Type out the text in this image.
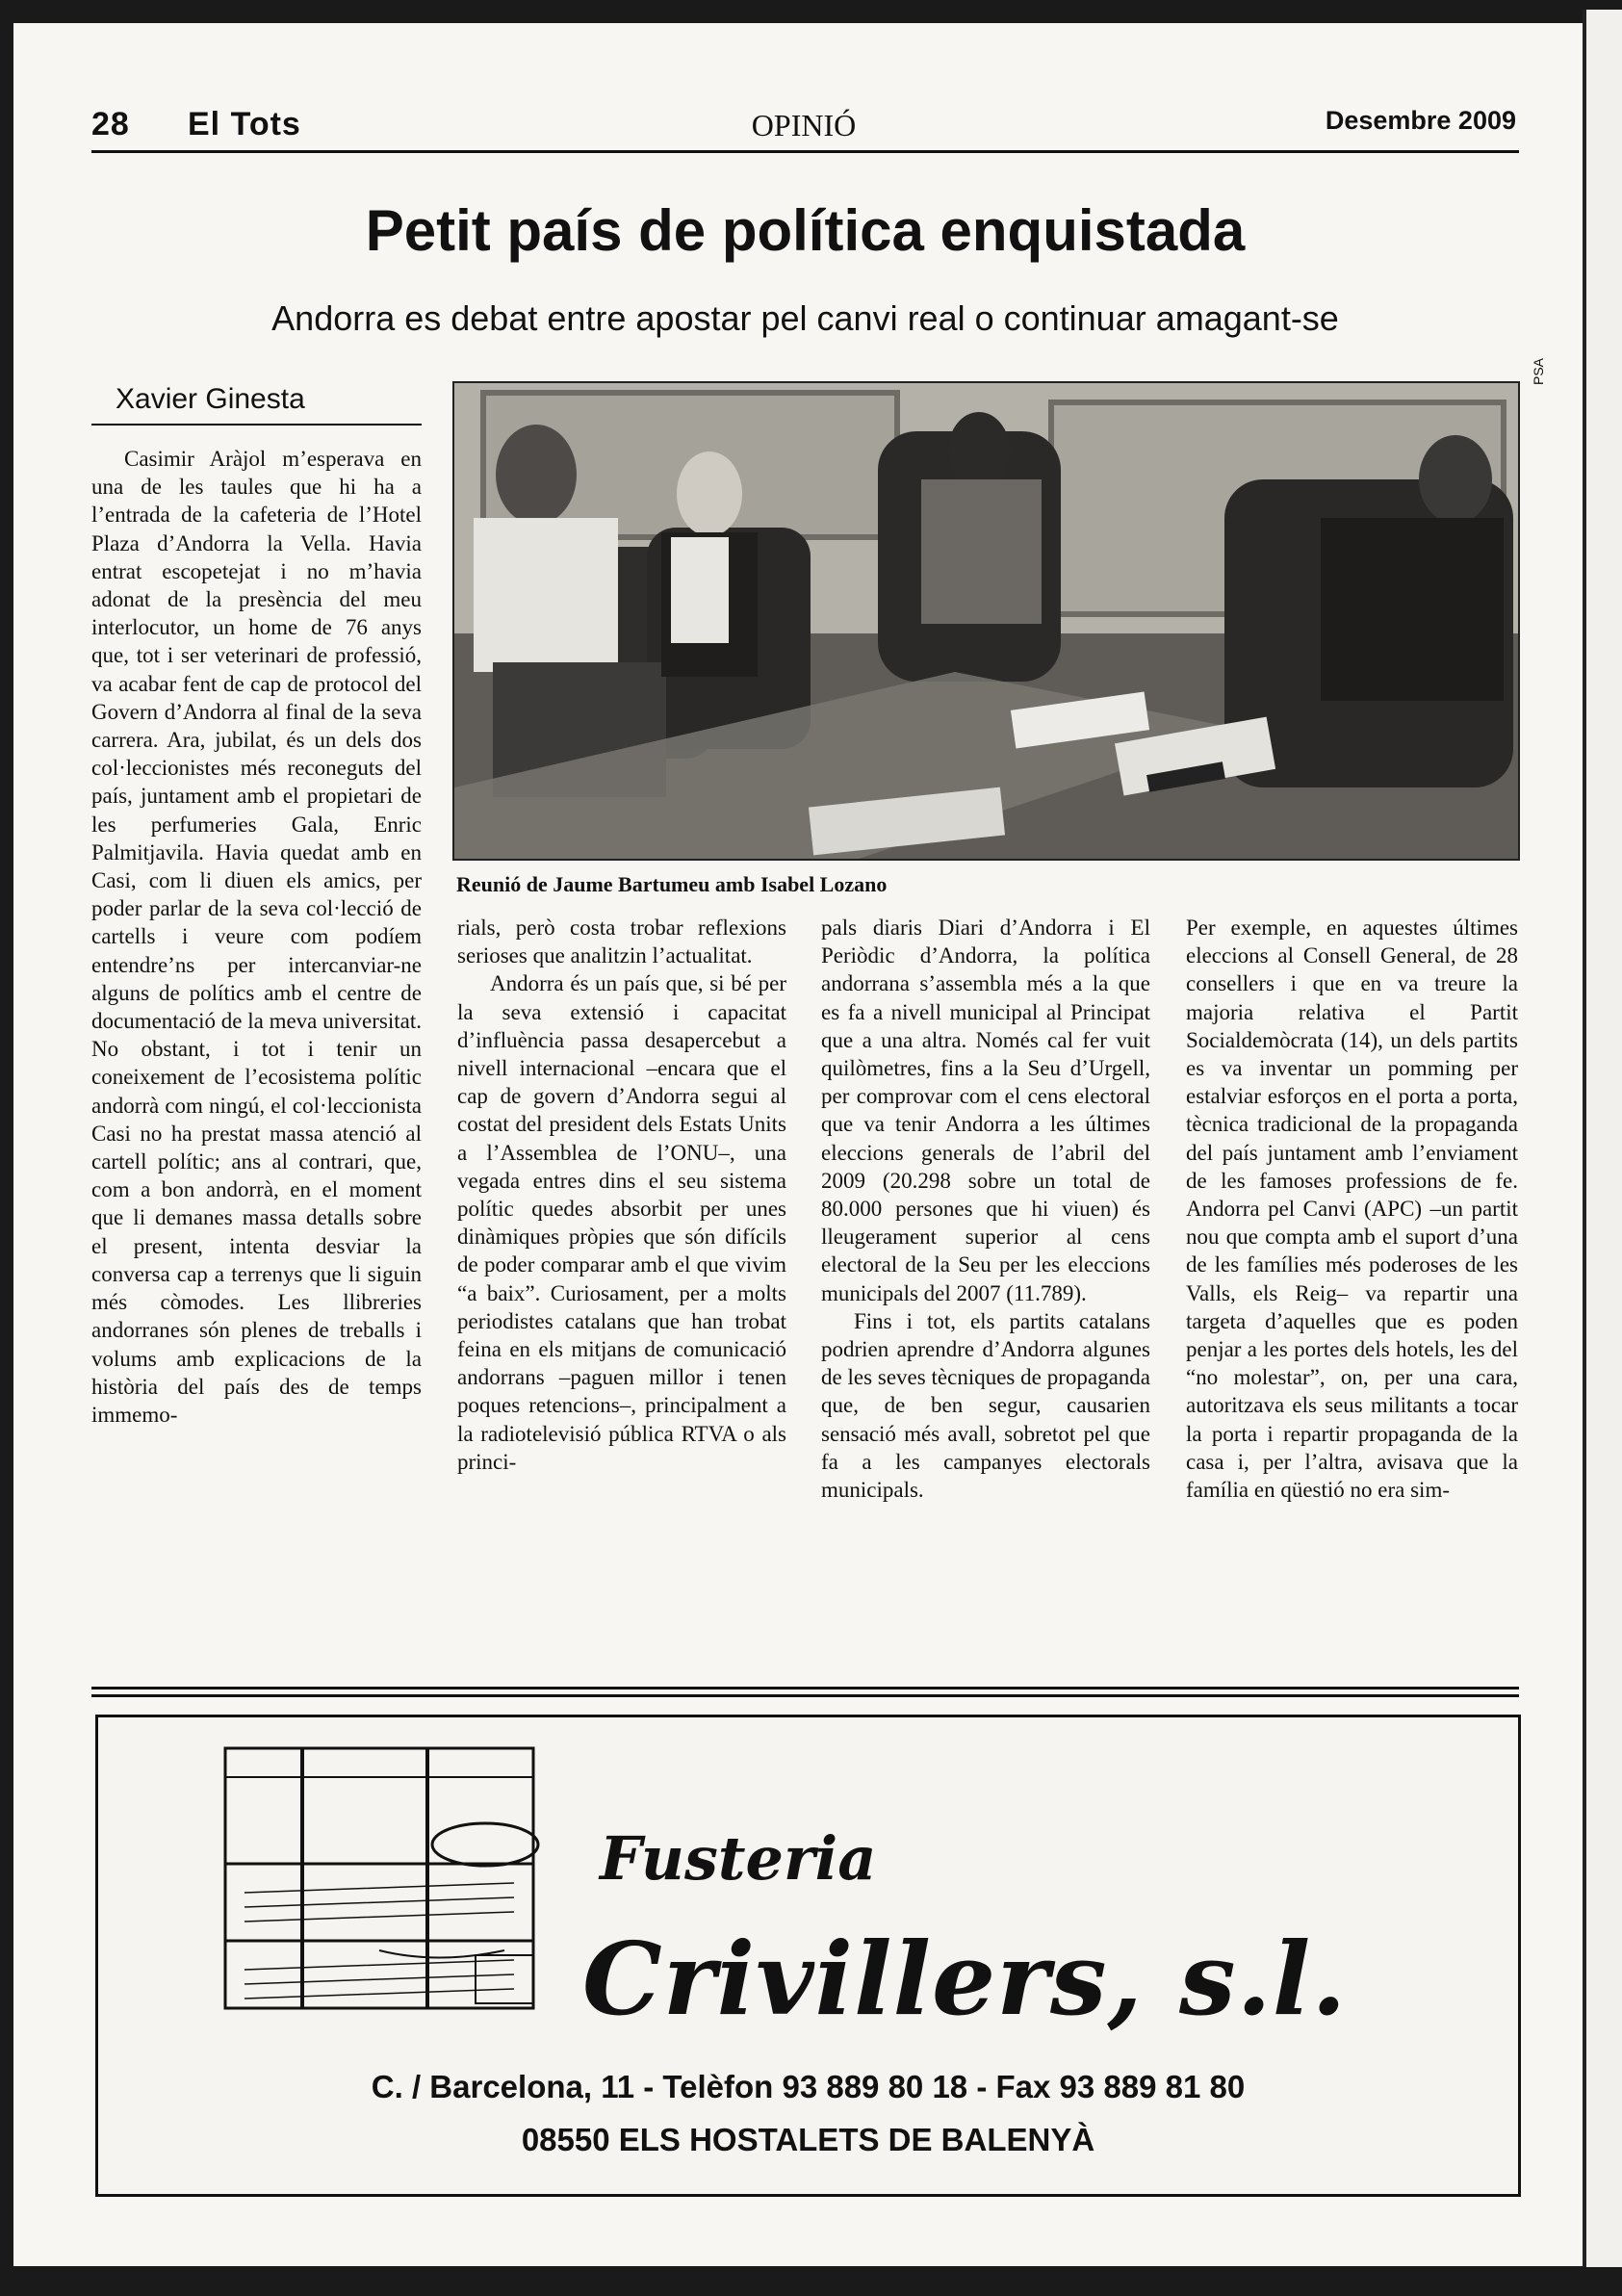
28 El Tots	OPINIÓ	Desembre 2009
Petit país de política enquistada
Andorra es debat entre apostar pel canvi real o continuar amagant-se
PSA
Xavier Ginesta
Reunió de Jaume Bartumeu amb Isabel Lozano

Casimir Aràjol m’esperava en una de les taules que hi ha a l’entrada de la cafeteria de l’Hotel Plaza d’Andorra la Vella. Havia entrat escopetejat i no m’havia adonat de la presència del meu interlocutor, un home de 76 anys que, tot i ser veterinari de professió, va acabar fent de cap de protocol del Govern d’Andorra al final de la seva carrera. Ara, jubilat, és un dels dos col·leccionistes més reconeguts del país, juntament amb el propietari de les perfumeries Gala, Enric Palmitjavila. Havia quedat amb en Casi, com li diuen els amics, per poder parlar de la seva col·lecció de cartells i veure com podíem entendre’ns per intercanviar-ne alguns de polítics amb el centre de documentació de la meva universitat. No obstant, i tot i tenir un coneixement de l’ecosistema polític andorrà com ningú, el col·leccionista Casi no ha prestat massa atenció al cartell polític; ans al contrari, que, com a bon andorrà, en el moment que li demanes massa detalls sobre el present, intenta desviar la conversa cap a terrenys que li siguin més còmodes. Les llibreries andorranes són plenes de treballs i volums amb explicacions de la història del país des de temps immemo-

rials, però costa trobar reflexions serioses que analitzin l’actualitat.

Andorra és un país que, si bé per la seva extensió i capacitat d’influència passa desapercebut a nivell internacional –encara que el cap de govern d’Andorra segui al costat del president dels Estats Units a l’Assemblea de l’ONU–, una vegada entres dins el seu sistema polític quedes absorbit per unes dinàmiques pròpies que són difícils de poder comparar amb el que vivim “a baix”. Curiosament, per a molts periodistes catalans que han trobat feina en els mitjans de comunicació andorrans –paguen millor i tenen poques retencions–, principalment a la radiotelevisió pública RTVA o als princi-

pals diaris Diari d’Andorra i El Periòdic d’Andorra, la política andorrana s’assembla més a la que es fa a nivell municipal al Principat que a una altra. Només cal fer vuit quilòmetres, fins a la Seu d’Urgell, per comprovar com el cens electoral que va tenir Andorra a les últimes eleccions generals de l’abril del 2009 (20.298 sobre un total de 80.000 persones que hi viuen) és lleugerament superior al cens electoral de la Seu per les eleccions municipals del 2007 (11.789).

Fins i tot, els partits catalans podrien aprendre d’Andorra algunes de les seves tècniques de propaganda que, de ben segur, causarien sensació més avall, sobretot pel que fa a les campanyes electorals municipals.

Per exemple, en aquestes últimes eleccions al Consell General, de 28 consellers i que en va treure la majoria relativa el Partit Socialdemòcrata (14), un dels partits es va inventar un pomming per estalviar esforços en el porta a porta, tècnica tradicional de la propaganda del país juntament amb l’enviament de les famoses professions de fe. Andorra pel Canvi (APC) –un partit nou que compta amb el suport d’una de les famílies més poderoses de les Valls, els Reig– va repartir una targeta d’aquelles que es poden penjar a les portes dels hotels, les del “no molestar”, on, per una cara, autoritzava els seus militants a tocar la porta i repartir propaganda de la casa i, per l’altra, avisava que la família en qüestió no era sim-

Fusteria
Crivillers, s.l.
C. / Barcelona, 11 - Telèfon 93 889 80 18 - Fax 93 889 81 80
08550 ELS HOSTALETS DE BALENYÀ
